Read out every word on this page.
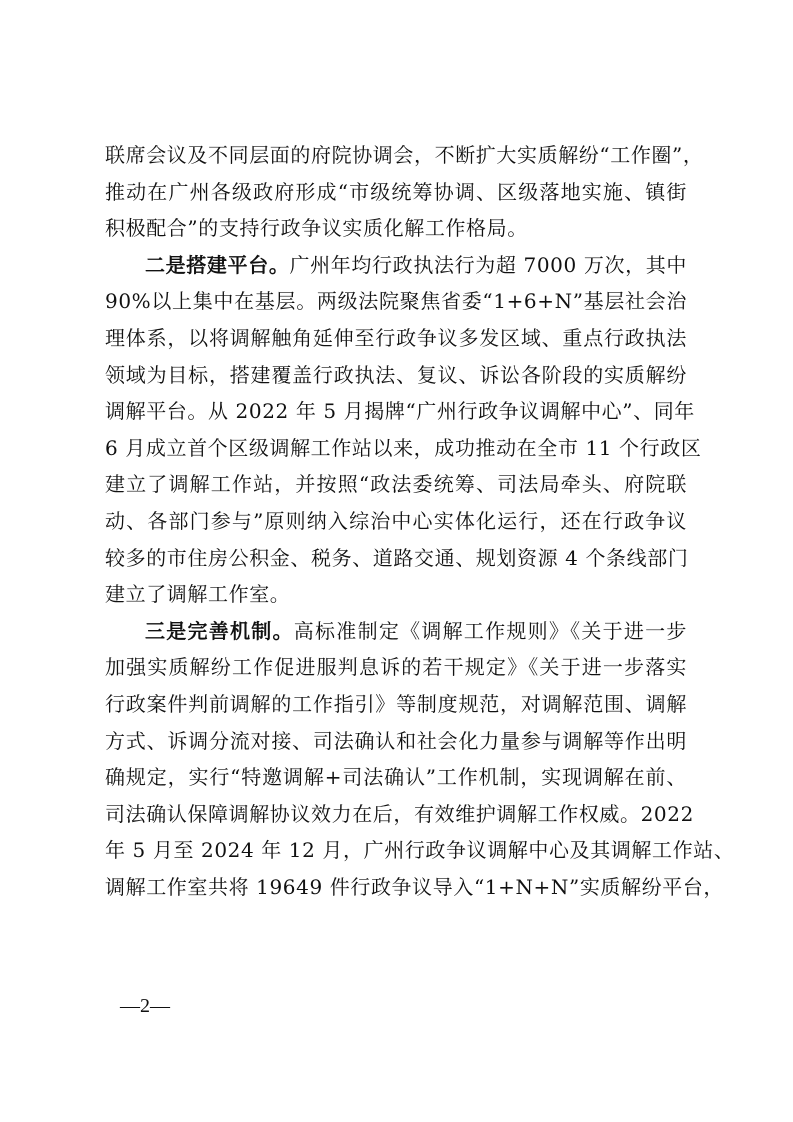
联席会议及不同层面的府院协调会，不断扩大实质解纷“工作圈”，
推动在广州各级政府形成“市级统筹协调、区级落地实施、镇街
积极配合”的支持行政争议实质化解工作格局。

二是搭建平台。广州年均行政执法行为超 7000 万次，其中
90%以上集中在基层。两级法院聚焦省委“1+6+N”基层社会治
理体系，以将调解触角延伸至行政争议多发区域、重点行政执法
领域为目标，搭建覆盖行政执法、复议、诉讼各阶段的实质解纷
调解平台。从 2022 年 5 月揭牌“广州行政争议调解中心”、同年
6 月成立首个区级调解工作站以来，成功推动在全市 11 个行政区
建立了调解工作站，并按照“政法委统筹、司法局牵头、府院联
动、各部门参与”原则纳入综治中心实体化运行，还在行政争议
较多的市住房公积金、税务、道路交通、规划资源 4 个条线部门
建立了调解工作室。

三是完善机制。高标准制定《调解工作规则》《关于进一步
加强实质解纷工作促进服判息诉的若干规定》《关于进一步落实
行政案件判前调解的工作指引》等制度规范，对调解范围、调解
方式、诉调分流对接、司法确认和社会化力量参与调解等作出明
确规定，实行“特邀调解+司法确认”工作机制，实现调解在前、
司法确认保障调解协议效力在后，有效维护调解工作权威。2022
年 5 月至 2024 年 12 月，广州行政争议调解中心及其调解工作站、
调解工作室共将 19649 件行政争议导入“1+N+N”实质解纷平台，

—2—
